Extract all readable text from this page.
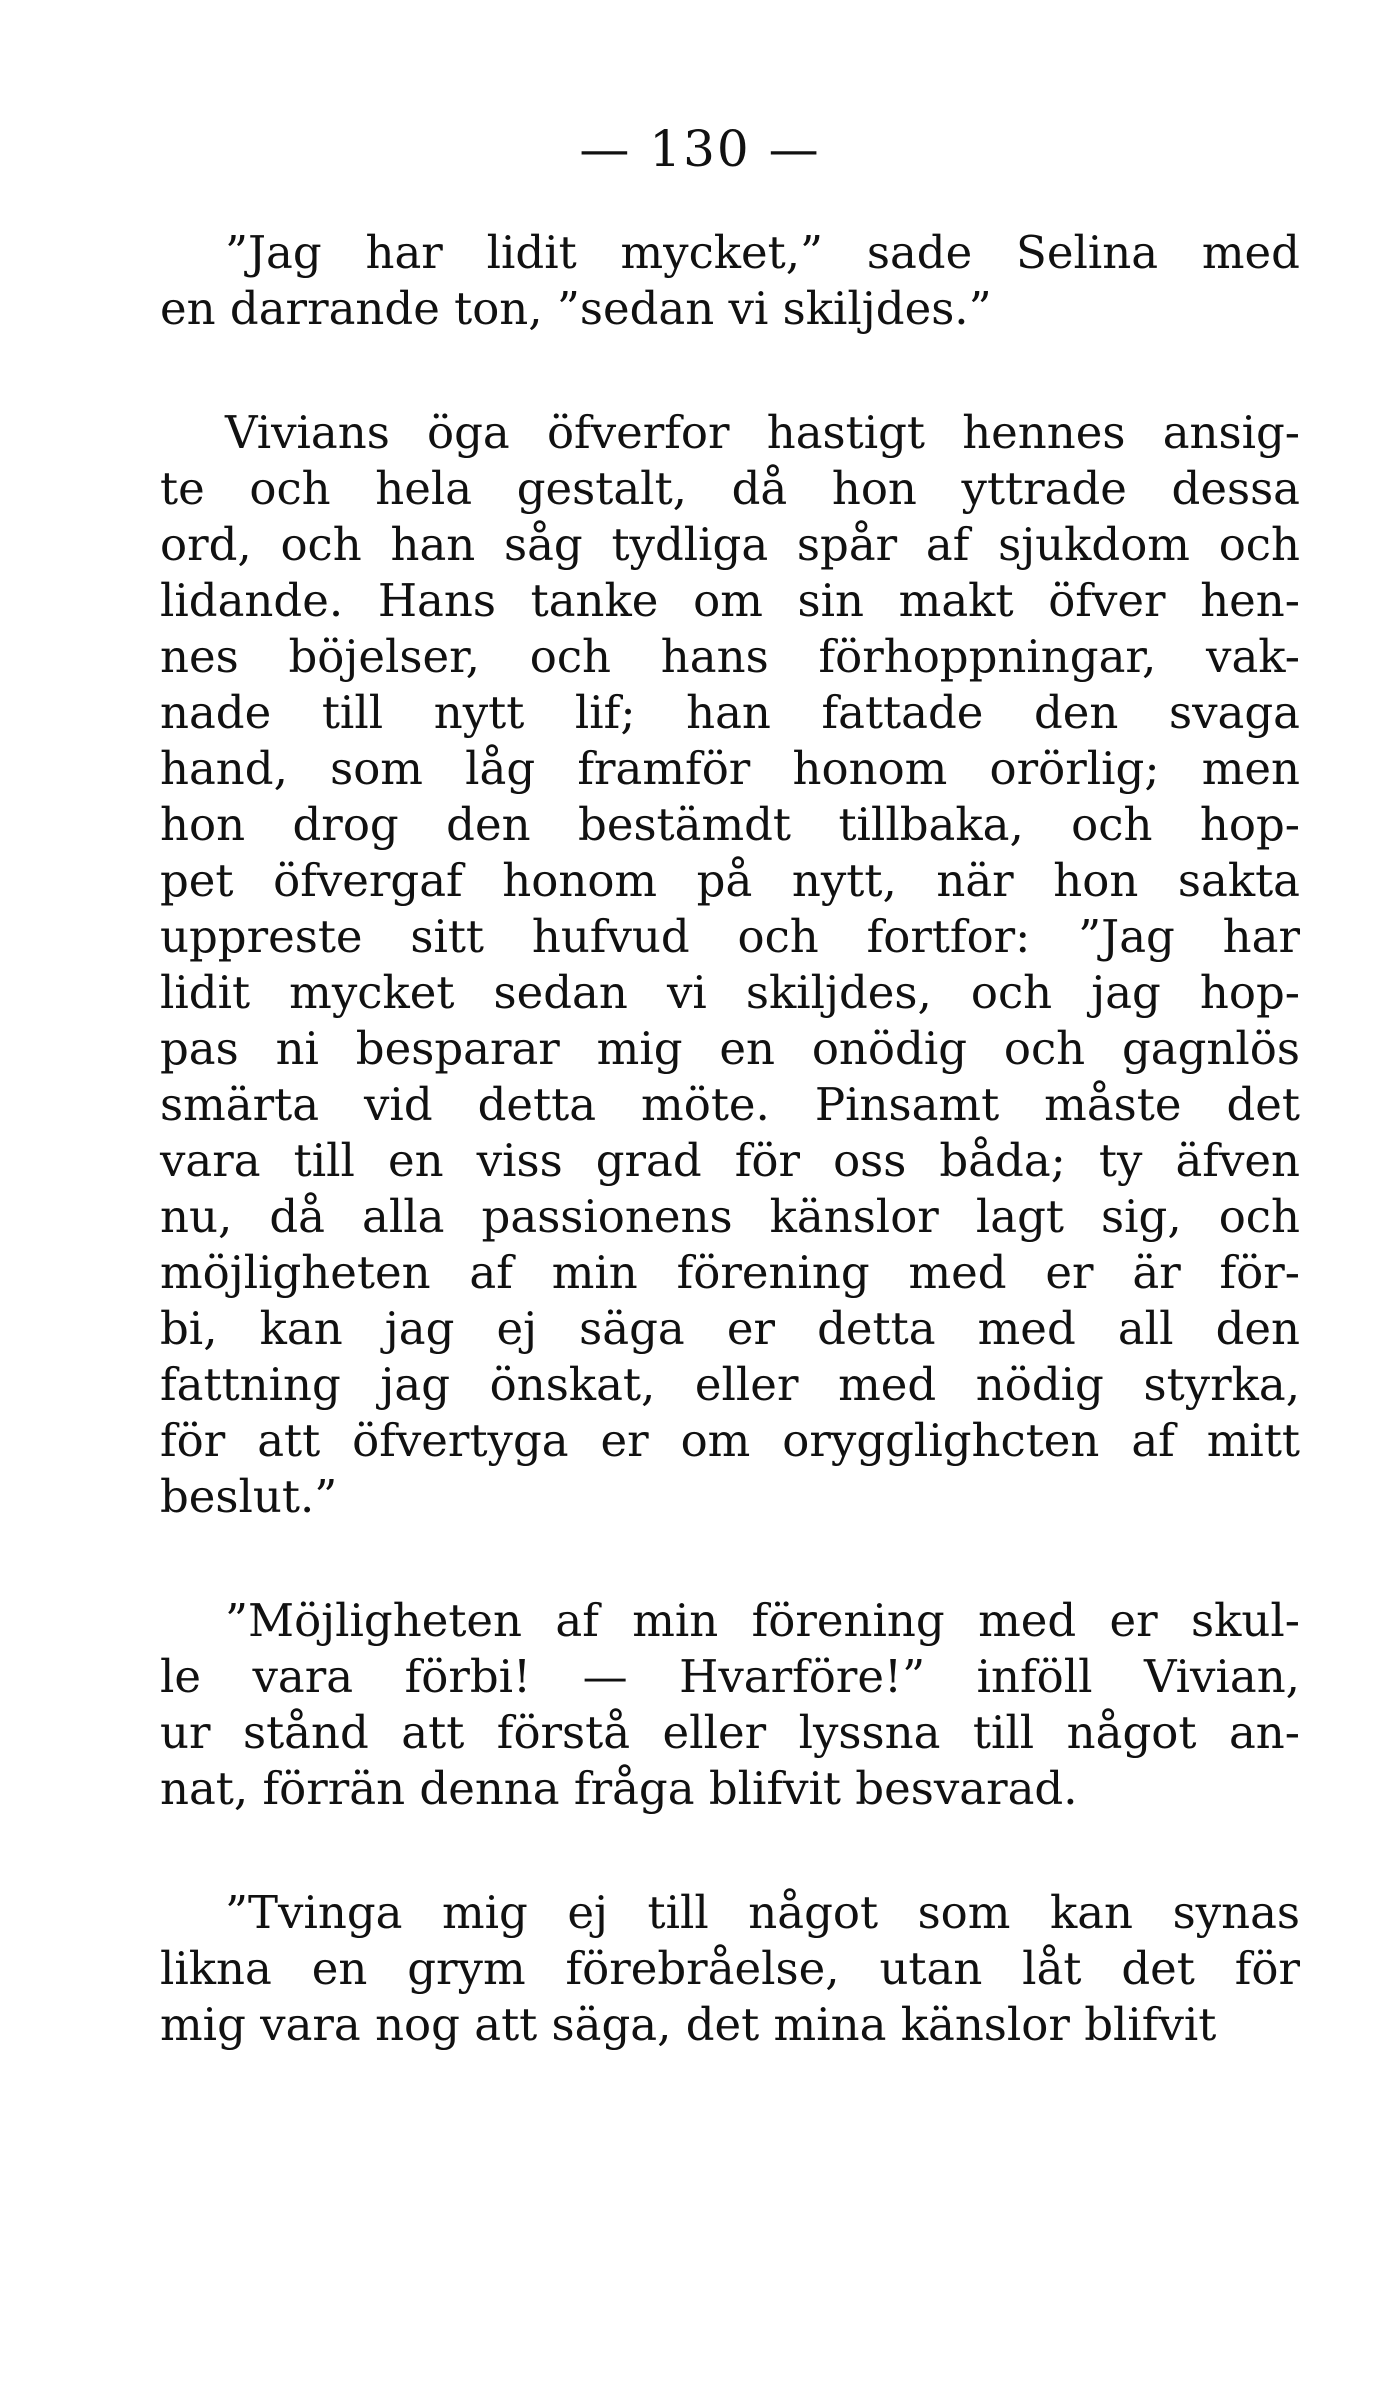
— 130 —
”Jag har lidit mycket,” sade Selina med
en darrande ton, ”sedan vi skiljdes.”
Vivians öga öfverfor hastigt hennes ansig-
te och hela gestalt, då hon yttrade dessa
ord, och han såg tydliga spår af sjukdom och
lidande. Hans tanke om sin makt öfver hen-
nes böjelser, och hans förhoppningar, vak-
nade till nytt lif; han fattade den svaga
hand, som låg framför honom orörlig; men
hon drog den bestämdt tillbaka, och hop-
pet öfvergaf honom på nytt, när hon sakta
uppreste sitt hufvud och fortfor: ”Jag har
lidit mycket sedan vi skiljdes, och jag hop-
pas ni besparar mig en onödig och gagnlös
smärta vid detta möte. Pinsamt måste det
vara till en viss grad för oss båda; ty äfven
nu, då alla passionens känslor lagt sig, och
möjligheten af min förening med er är för-
bi, kan jag ej säga er detta med all den
fattning jag önskat, eller med nödig styrka,
för att öfvertyga er om orygglighcten af mitt
beslut.”
”Möjligheten af min förening med er skul-
le vara förbi! — Hvarföre!” inföll Vivian,
ur stånd att förstå eller lyssna till något an-
nat, förrän denna fråga blifvit besvarad.
”Tvinga mig ej till något som kan synas
likna en grym förebråelse, utan låt det för
mig vara nog att säga, det mina känslor blifvit
